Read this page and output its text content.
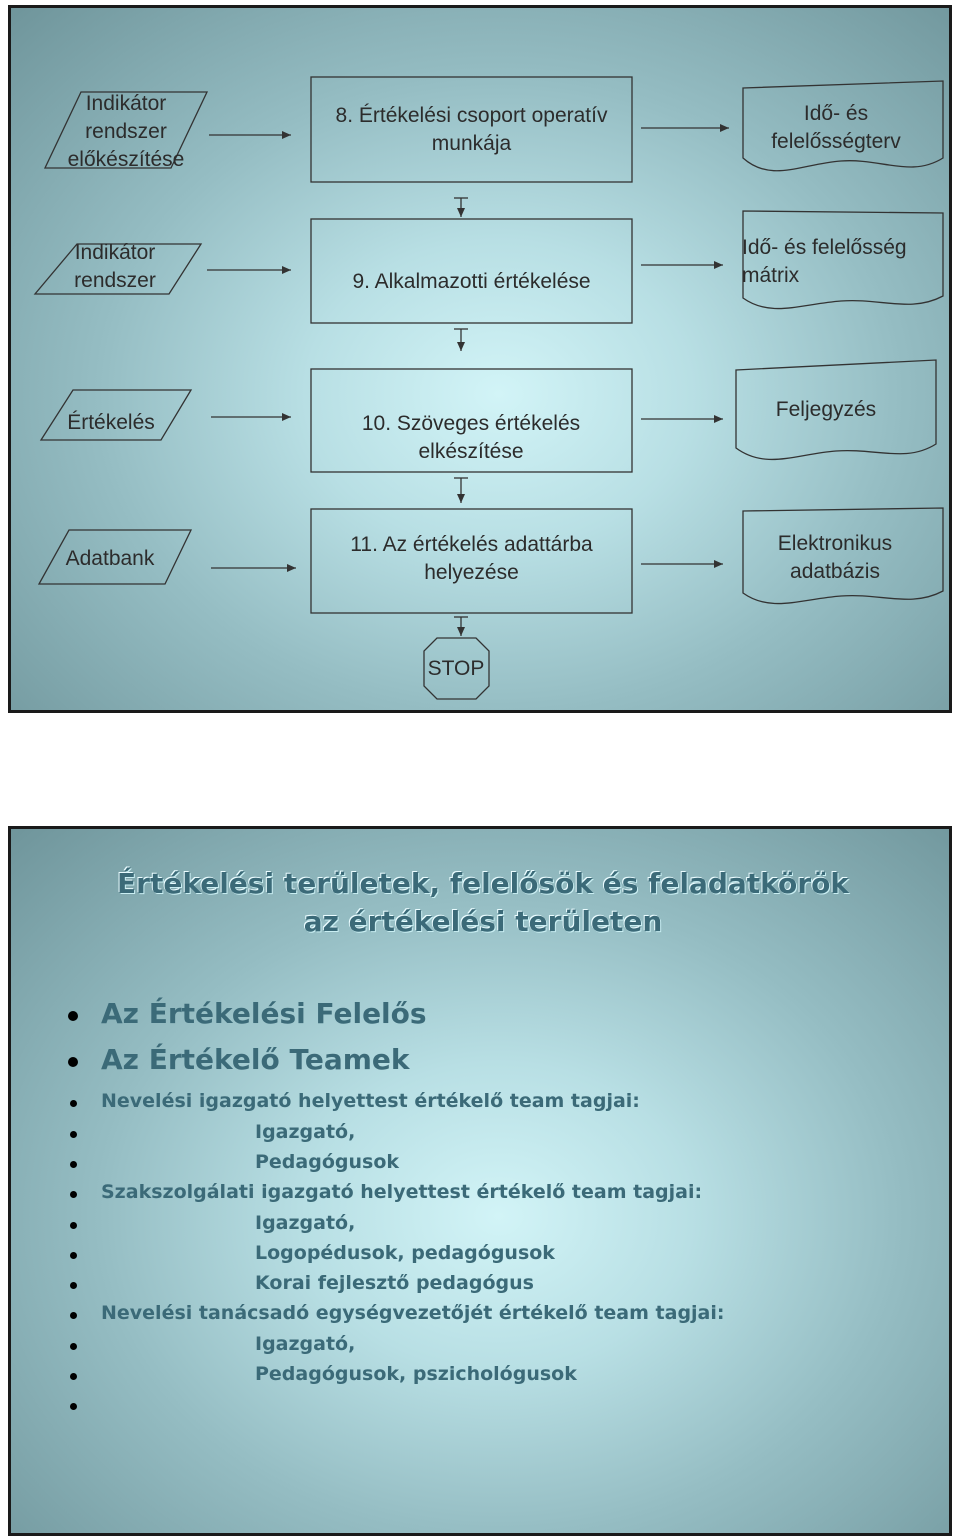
Indikátor rendszer előkészítése
Indikátor rendszer
Értékelés
Adatbank
8. Értékelési csoport operatív munkája
9. Alkalmazotti értékelése
10. Szöveges értékelés elkészítése
11. Az értékelés adattárba helyezése
Idő- és felelősségterv
Idő- és felelősség mátrix
Feljegyzés
Elektronikus adatbázis
STOP
Értékelési területek, felelősök és feladatkörök
az értékelési területen
Az Értékelési Felelős
Az Értékelő Teamek
Nevelési igazgató helyettest értékelő team tagjai:
Igazgató,
Pedagógusok
Szakszolgálati igazgató helyettest értékelő team tagjai:
Igazgató,
Logopédusok, pedagógusok
Korai fejlesztő pedagógus
Nevelési tanácsadó egységvezetőjét értékelő team tagjai:
Igazgató,
Pedagógusok, pszichológusok
